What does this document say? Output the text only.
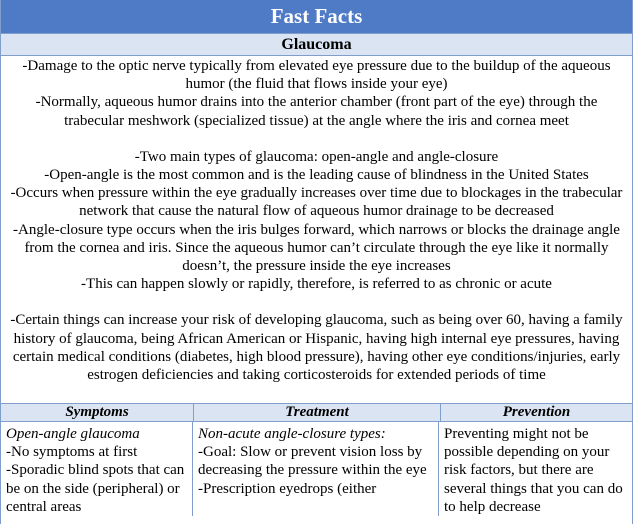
Fast Facts
Glaucoma

-Damage to the optic nerve typically from elevated eye pressure due to the buildup of the aqueous humor (the fluid that flows inside your eye)

-Normally, aqueous humor drains into the anterior chamber (front part of the eye) through the trabecular meshwork (specialized tissue) at the angle where the iris and cornea meet

-Two main types of glaucoma: open-angle and angle-closure

-Open-angle is the most common and is the leading cause of blindness in the United States

-Occurs when pressure within the eye gradually increases over time due to blockages in the trabecular network that cause the natural flow of aqueous humor drainage to be decreased

-Angle-closure type occurs when the iris bulges forward, which narrows or blocks the drainage angle from the cornea and iris. Since the aqueous humor can’t circulate through the eye like it normally doesn’t, the pressure inside the eye increases

-This can happen slowly or rapidly, therefore, is referred to as chronic or acute

-Certain things can increase your risk of developing glaucoma, such as being over 60, having a family history of glaucoma, being African American or Hispanic, having high internal eye pressures, having certain medical conditions (diabetes, high blood pressure), having other eye conditions/injuries, early estrogen deficiencies and taking corticosteroids for extended periods of time

Symptoms	Treatment	Prevention

Open-angle glaucoma

-No symptoms at first

-Sporadic blind spots that can be on the side (peripheral) or central areas

Non-acute angle-closure types:

-Goal: Slow or prevent vision loss by decreasing the pressure within the eye

-Prescription eyedrops (either

Preventing might not be possible depending on your risk factors, but there are several things that you can do to help decrease
